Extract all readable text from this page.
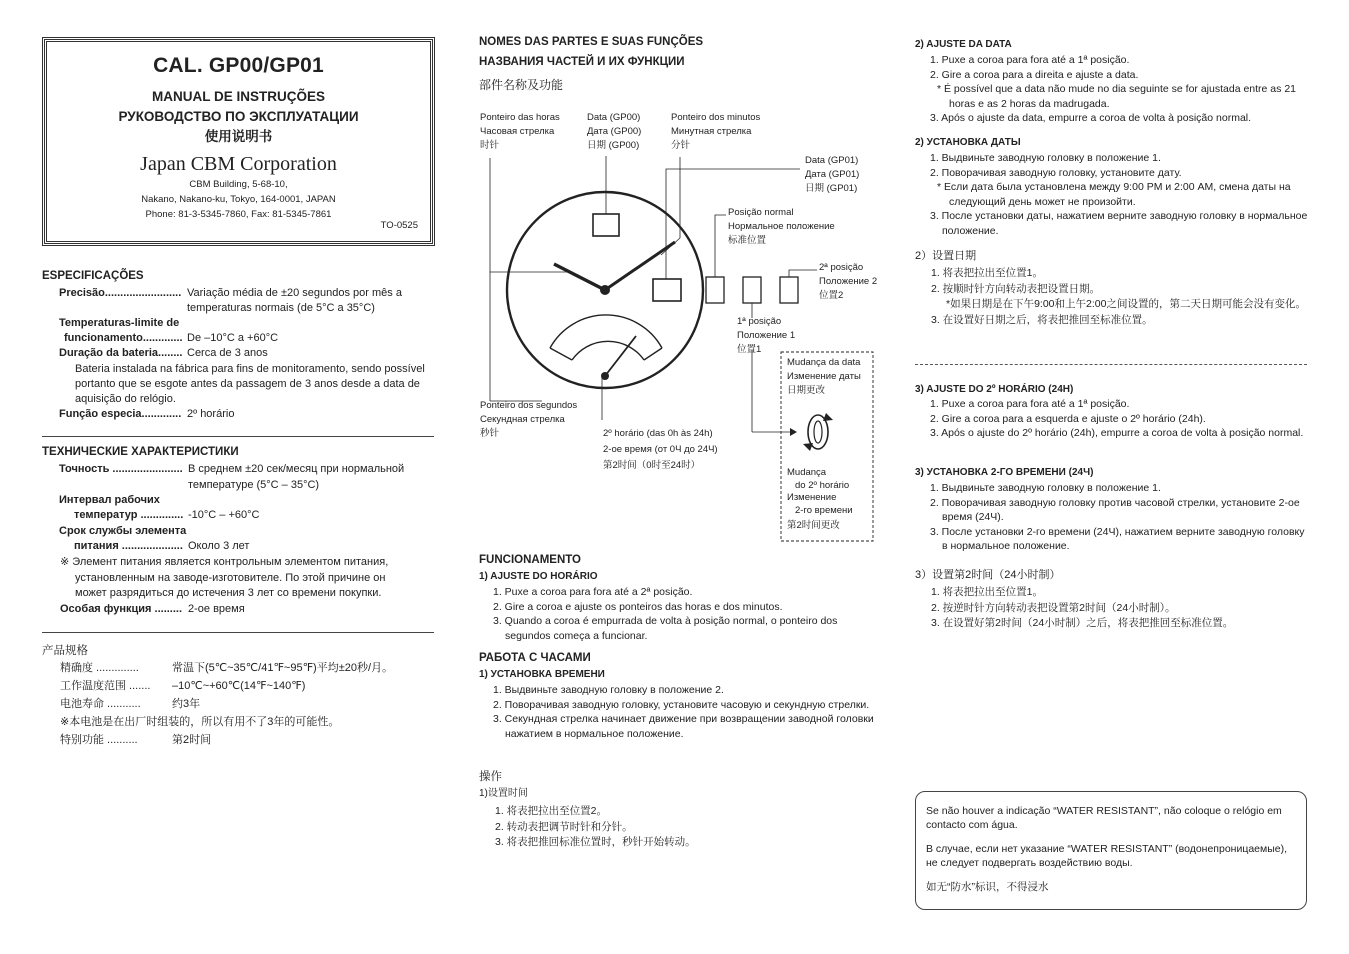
CAL. GP00/GP01
MANUAL DE INSTRUÇÕES
РУКОВОДСТВО ПО ЭКСПЛУАТАЦИИ
使用说明书
Japan CBM Corporation
CBM Building, 5-68-10,
Nakano, Nakano-ku, Tokyo, 164-0001, JAPAN
Phone: 81-3-5345-7860, Fax: 81-5345-7861
TO-0525
ESPECIFICAÇÕES
Precisão......................... Variação média de ±20 segundos por mês a
temperaturas normais (de 5°C a 35°C)
Temperaturas-limite de
funcionamento............. De –10°C a +60°C
Duração da bateria........ Cerca de 3 anos
Bateria instalada na fábrica para fins de monitoramento, sendo possível
portanto que se esgote antes da passagem de 3 anos desde a data de
aquisição do relógio.
Função especia............. 2º horário
ТЕХНИЧЕСКИЕ ХАРАКТЕРИСТИКИ
Точность ....................... В среднем ±20 сек/месяц при нормальной
температуре (5°C – 35°C)
Интервал рабочих
температур .............. -10°C – +60°C
Срок службы элемента
питания .................... Около 3 лет
※ Элемент питания является контрольным элементом питания,
установленным на заводе-изготовителе. По этой причине он
может разрядиться до истечения 3 лет со времени покупки.
Особая функция ......... 2-ое время
产品规格
精确度 ..............	常温下(5℃~35℃/41℉~95℉)平均±20秒/月。
工作温度范围 ....... –10℃~+60℃(14℉~140℉)
电池寿命 ...........	约3年
※本电池是在出厂时组装的，所以有用不了3年的可能性。
特别功能 ..........	第2时间
NOMES DAS PARTES E SUAS FUNÇÕES
НАЗВАНИЯ ЧАСТЕЙ И ИХ ФУНКЦИИ
部件名称及功能
Ponteiro das horas
Часовая стрелка
时针
Data (GP00)
Дата (GP00)
日期 (GP00)
Ponteiro dos minutos
Минутная стрелка
分针
Data (GP01)
Дата (GP01)
日期 (GP01)
Posição normal
Нормальное положение
标准位置
2ª posição
Положение 2
位置2
1ª posição
Положение 1
位置1
Mudança da data
Изменение даты
日期更改
Ponteiro dos segundos
Секундная стрелка
秒针	2º horário (das 0h às 24h)
2-ое время (от 0Ч до 24Ч)
第2时间（0时至24时）
Mudança
do 2º horário
Изменение
2-го времени
第2时间更改
FUNCIONAMENTO
1) AJUSTE DO HORÁRIO
1. Puxe a coroa para fora até a 2ª posição.
2. Gire a coroa e ajuste os ponteiros das horas e dos minutos.
3. Quando a coroa é empurrada de volta à posição normal, o ponteiro dos segundos começa a funcionar.
РАБОТА С ЧАСАМИ
1) УСТАНОВКА ВРЕМЕНИ
1. Выдвиньте заводную головку в положение 2.
2. Поворачивая заводную головку, установите часовую и секундную стрелки.
3. Секундная стрелка начинает движение при возвращении заводной головки нажатием в нормальное положение.
操作
1)设置时间
1. 将表把拉出至位置2。
2. 转动表把调节时针和分针。
3. 将表把推回标准位置时，秒针开始转动。
2) AJUSTE DA DATA
1. Puxe a coroa para fora até a 1ª posição.
2. Gire a coroa para a direita e ajuste a data.
* É possível que a data não mude no dia seguinte se for ajustada entre as 21 horas e as 2 horas da madrugada.
3. Após o ajuste da data, empurre a coroa de volta à posição normal.
2) УСТАНОВКА ДАТЫ
1. Выдвиньте заводную головку в положение 1.
2. Поворачивая заводную головку, установите дату.
* Если дата была установлена между 9:00 PM и 2:00 AM, смена даты на следующий день может не произойти.
3. После установки даты, нажатием верните заводную головку в нормальное положение.
2）设置日期
1. 将表把拉出至位置1。
2. 按顺时针方向转动表把设置日期。
*如果日期是在下午9:00和上午2:00之间设置的，第二天日期可能会没有变化。
3. 在设置好日期之后，将表把推回至标准位置。
3) AJUSTE DO 2º HORÁRIO (24H)
1. Puxe a coroa para fora até a 1ª posição.
2. Gire a coroa para a esquerda e ajuste o 2º horário (24h).
3. Após o ajuste do 2º horário (24h), empurre a coroa de volta à posição normal.
3) УСТАНОВКА 2-ГО ВРЕМЕНИ (24Ч)
1. Выдвиньте заводную головку в положение 1.
2. Поворачивая заводную головку против часовой стрелки, установите 2-ое время (24Ч).
3. После установки 2-го времени (24Ч), нажатием верните заводную головку в нормальное положение.
3）设置第2时间（24小时制）
1. 将表把拉出至位置1。
2. 按逆时针方向转动表把设置第2时间（24小时制）。
3. 在设置好第2时间（24小时制）之后，将表把推回至标准位置。

Se não houver a indicação “WATER RESISTANT”, não coloque o relógio em contacto com água.

В случае, если нет указание “WATER RESISTANT” (водонепроницаемые), не следует подвергать воздействию воды.

如无“防水”标识，不得浸水
